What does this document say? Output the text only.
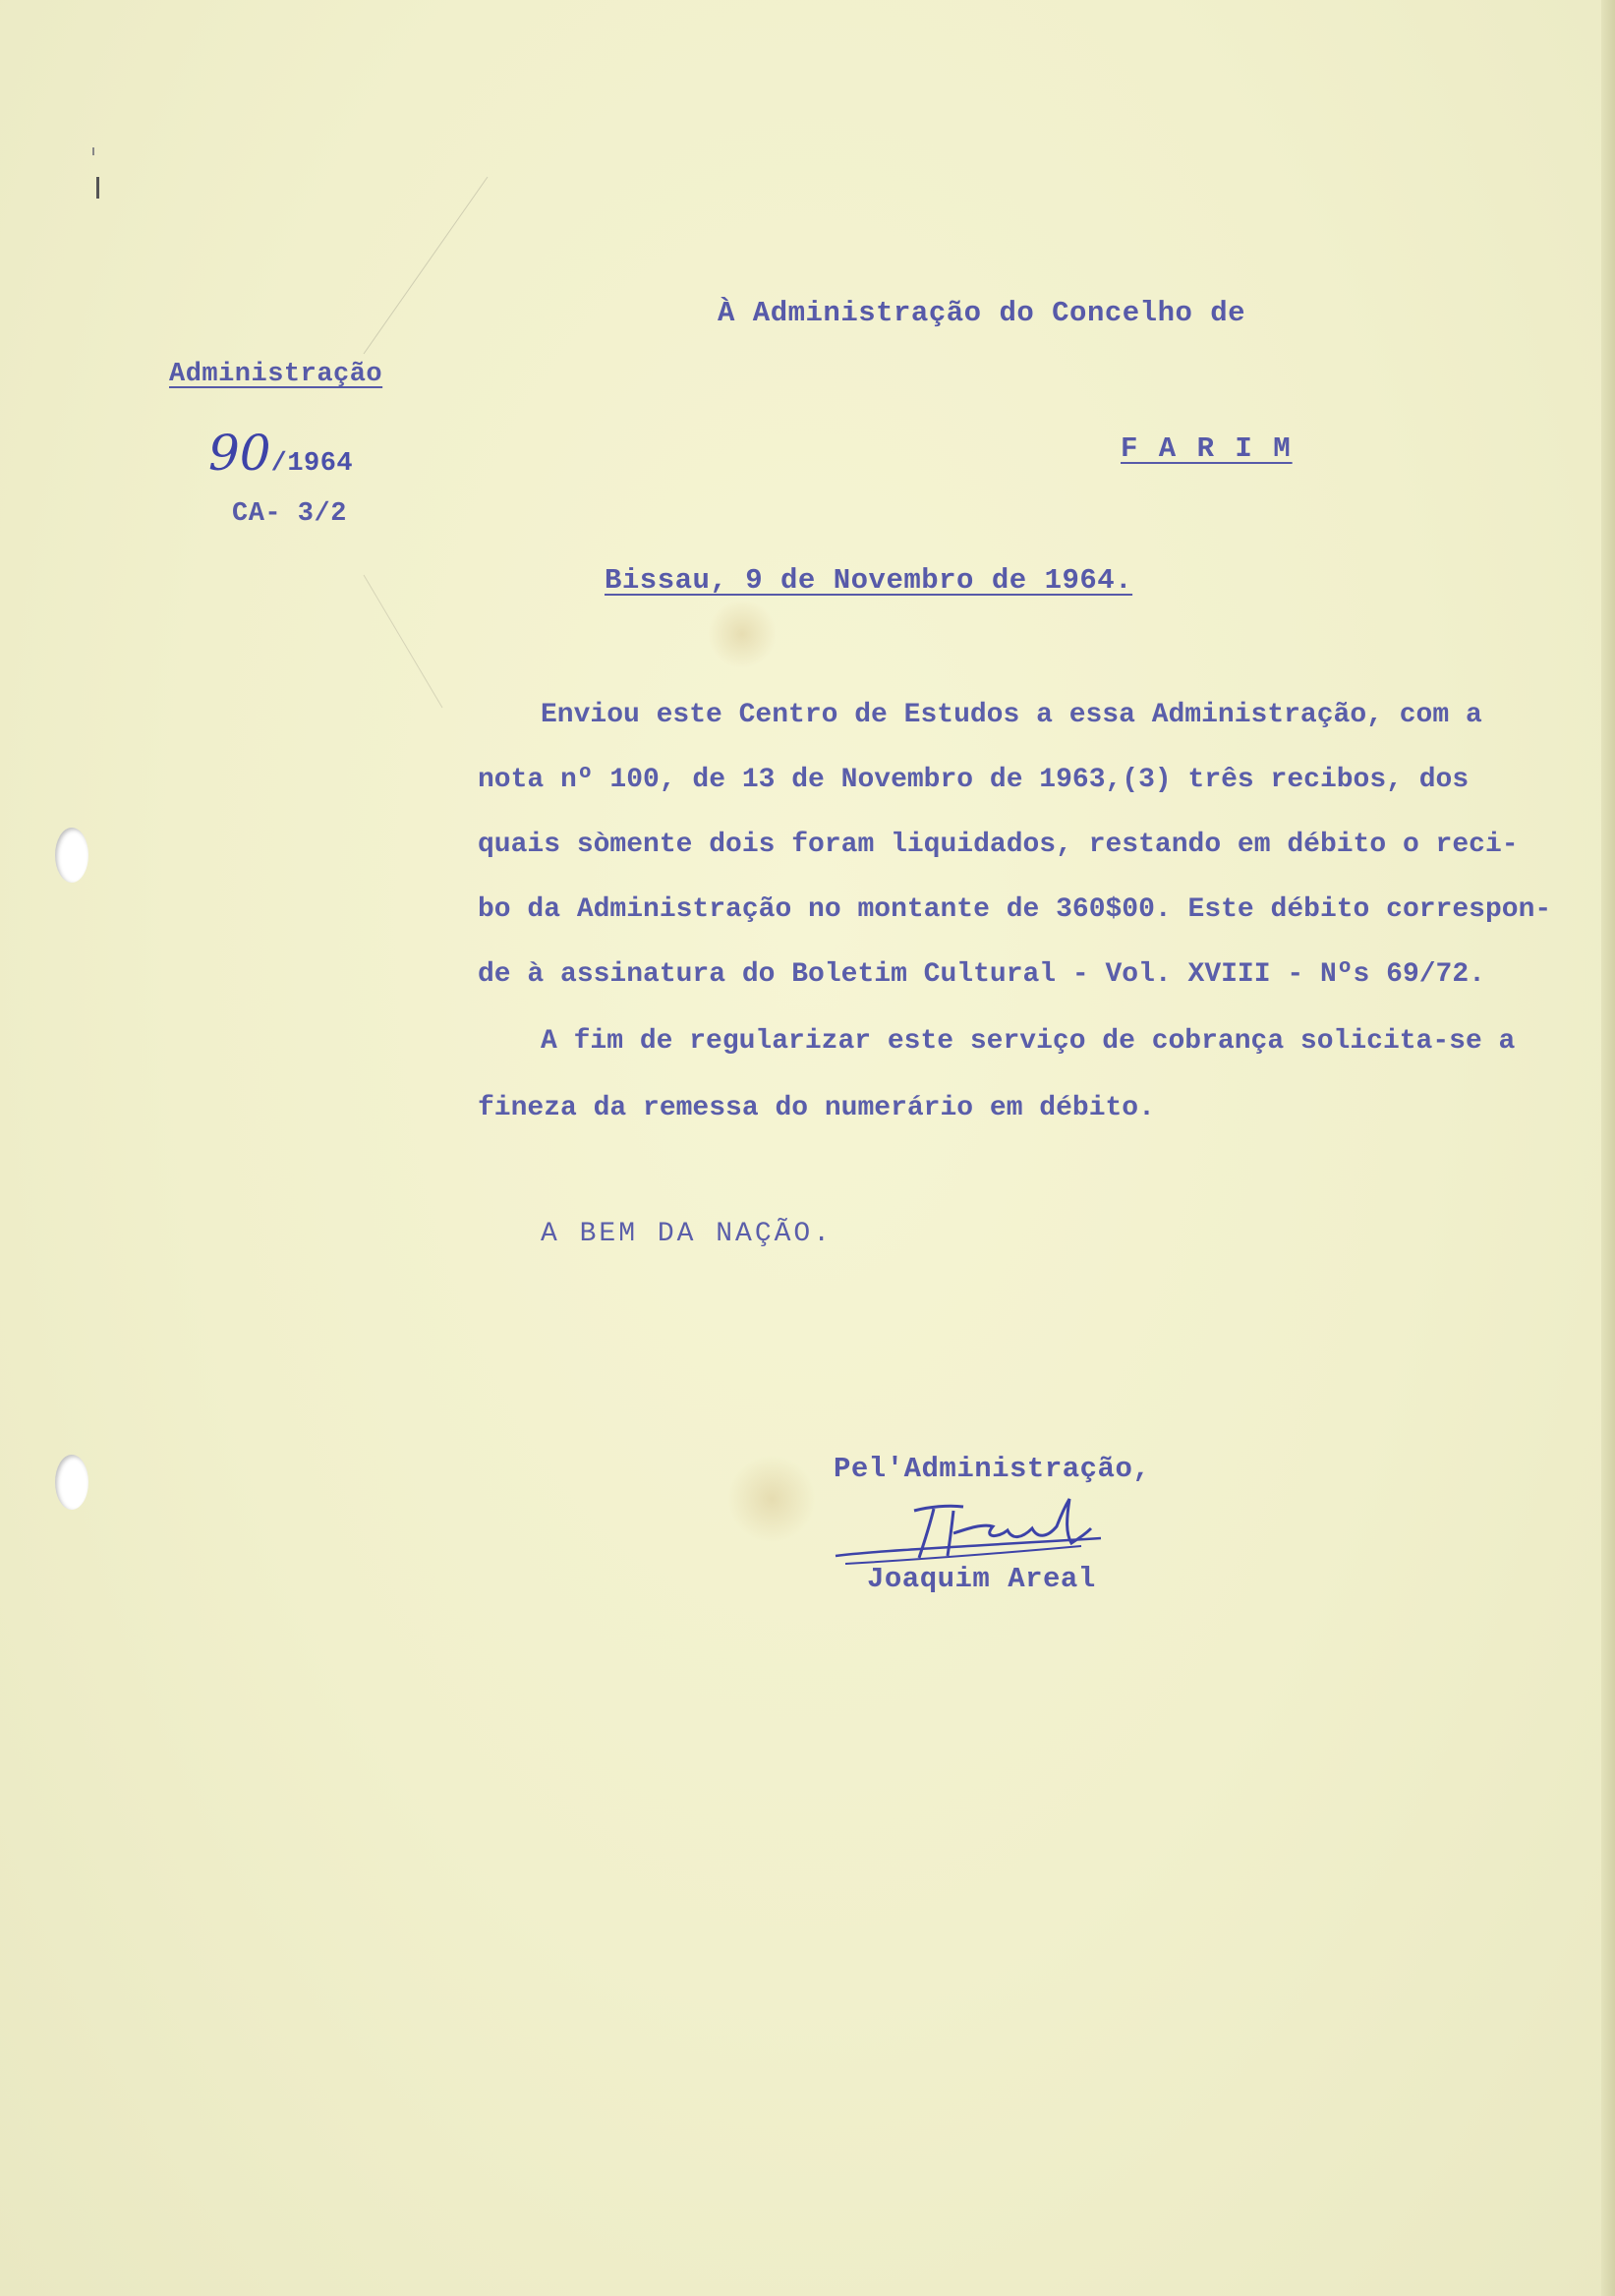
À Administração do Concelho de
F A R I M
Administração
90/1964
CA- 3/2
Bissau, 9 de Novembro de 1964.
Enviou este Centro de Estudos a essa Administração, com a
nota nº 100, de 13 de Novembro de 1963,(3) três recibos, dos
quais sòmente dois foram liquidados, restando em débito o reci-
bo da Administração no montante de 360$00. Este débito correspon-
de à assinatura do Boletim Cultural - Vol. XVIII - Nºs 69/72.
A fim de regularizar este serviço de cobrança solicita-se a
fineza da remessa do numerário em débito.
A BEM DA NAÇÃO.
Pel'Administração,
Joaquim Areal
